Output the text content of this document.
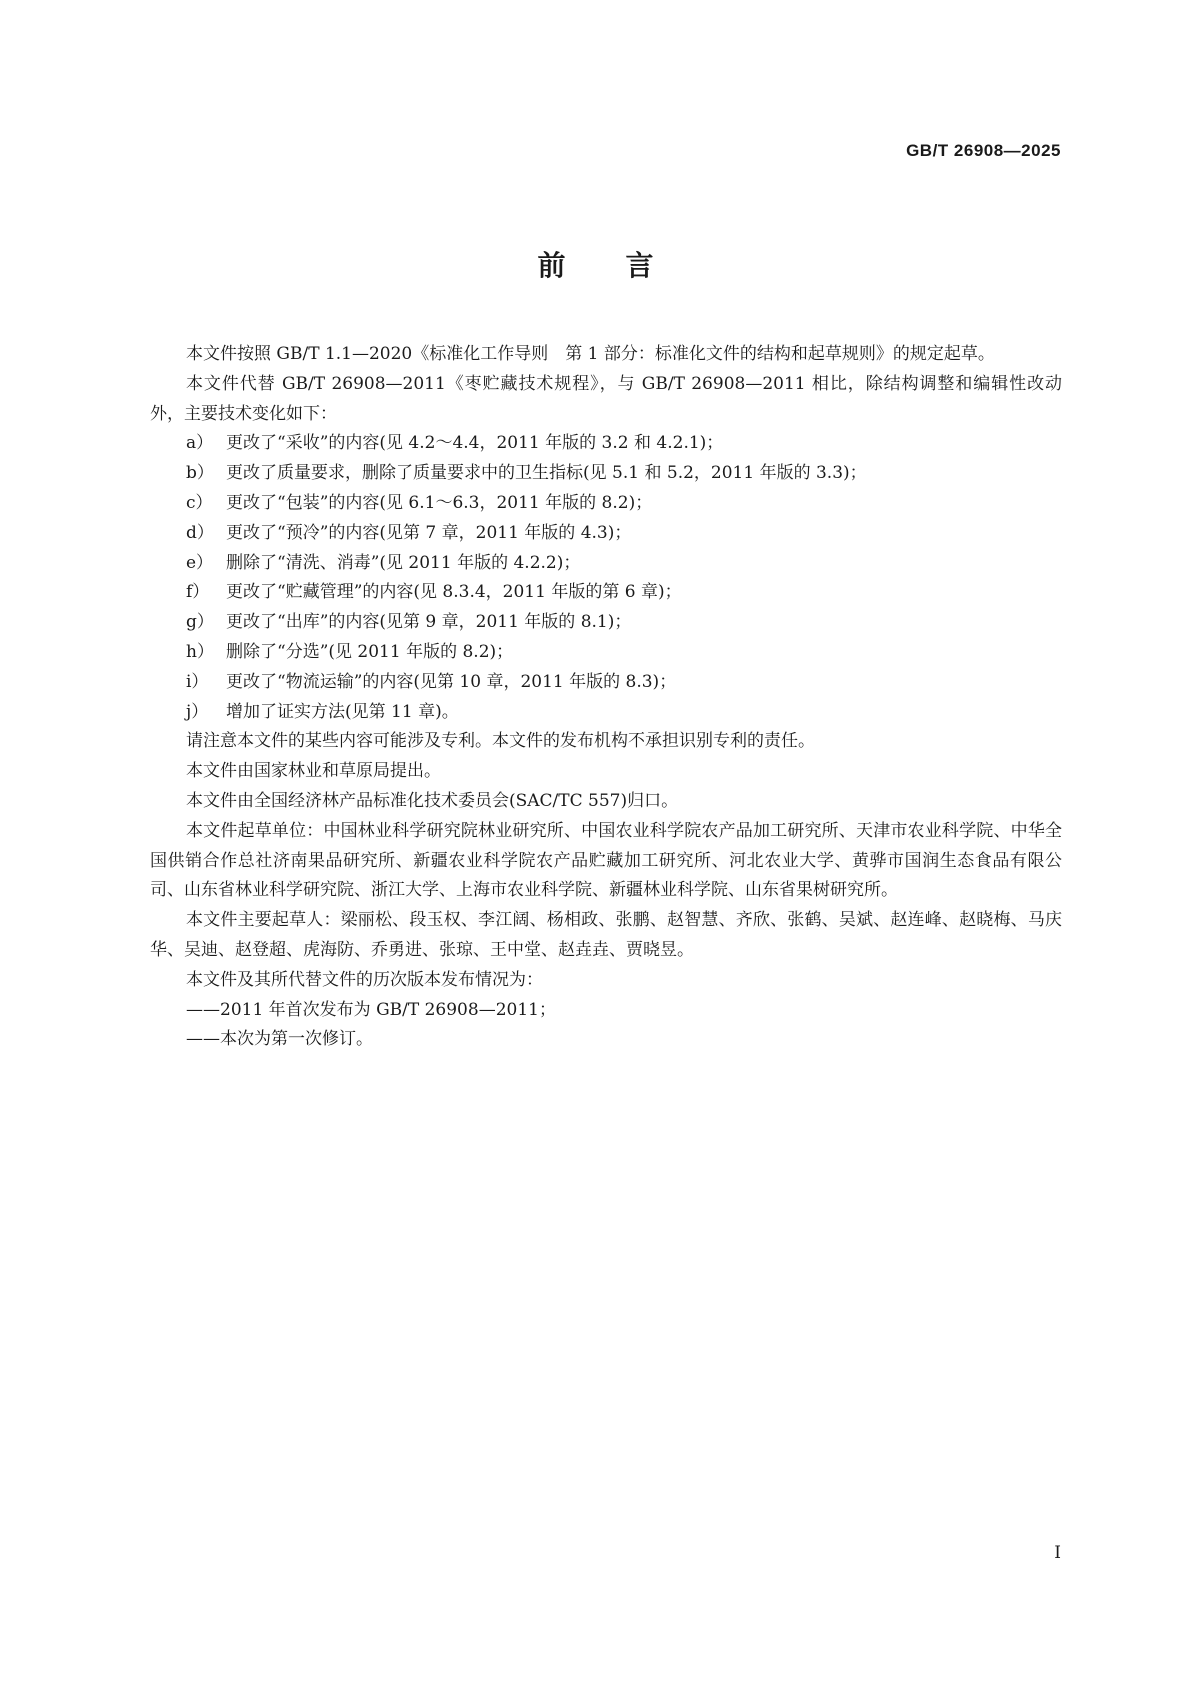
GB/T 26908—2025
前言

本文件按照 GB/T 1.1—2020《标准化工作导则　第 1 部分：标准化文件的结构和起草规则》的规定起草。

本文件代替 GB/T 26908—2011《枣贮藏技术规程》，与 GB/T 26908—2011 相比，除结构调整和编辑性改动外，主要技术变化如下：

a） 更改了“采收”的内容(见 4.2～4.4，2011 年版的 3.2 和 4.2.1)；

b） 更改了质量要求，删除了质量要求中的卫生指标(见 5.1 和 5.2，2011 年版的 3.3)；

c） 更改了“包装”的内容(见 6.1～6.3，2011 年版的 8.2)；

d） 更改了“预冷”的内容(见第 7 章，2011 年版的 4.3)；

e） 删除了“清洗、消毒”(见 2011 年版的 4.2.2)；

f） 更改了“贮藏管理”的内容(见 8.3.4，2011 年版的第 6 章)；

g） 更改了“出库”的内容(见第 9 章，2011 年版的 8.1)；

h） 删除了“分选”(见 2011 年版的 8.2)；

i） 更改了“物流运输”的内容(见第 10 章，2011 年版的 8.3)；

j） 增加了证实方法(见第 11 章)。

请注意本文件的某些内容可能涉及专利。本文件的发布机构不承担识别专利的责任。

本文件由国家林业和草原局提出。

本文件由全国经济林产品标准化技术委员会(SAC/TC 557)归口。

本文件起草单位：中国林业科学研究院林业研究所、中国农业科学院农产品加工研究所、天津市农业科学院、中华全国供销合作总社济南果品研究所、新疆农业科学院农产品贮藏加工研究所、河北农业大学、黄骅市国润生态食品有限公司、山东省林业科学研究院、浙江大学、上海市农业科学院、新疆林业科学院、山东省果树研究所。

本文件主要起草人：梁丽松、段玉权、李江阔、杨相政、张鹏、赵智慧、齐欣、张鹤、吴斌、赵连峰、赵晓梅、马庆华、吴迪、赵登超、虎海防、乔勇进、张琼、王中堂、赵垚垚、贾晓昱。

本文件及其所代替文件的历次版本发布情况为：

——2011 年首次发布为 GB/T 26908—2011；

——本次为第一次修订。

I
